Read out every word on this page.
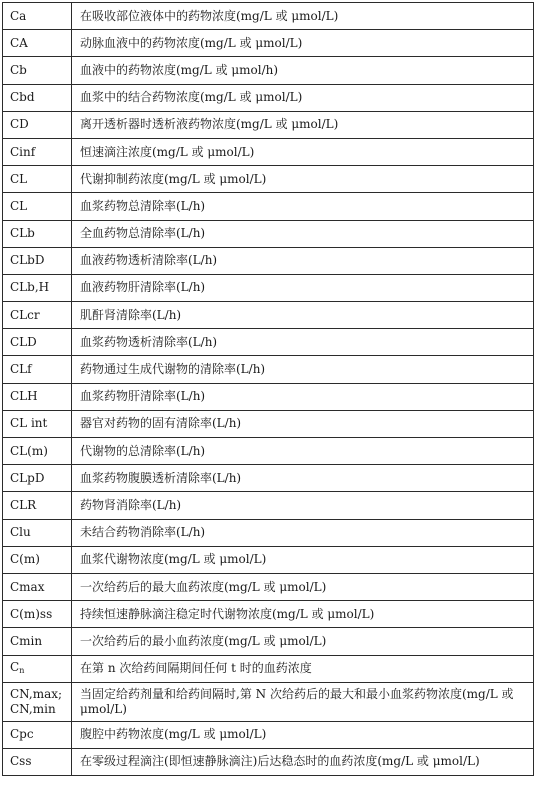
Ca	在吸收部位液体中的药物浓度(mg/L 或 μmol/L)
CA	动脉血液中的药物浓度(mg/L 或 μmol/L)
Cb	血液中的药物浓度(mg/L 或 μmol/h)
Cbd	血浆中的结合药物浓度(mg/L 或 μmol/L)
CD	离开透析器时透析液药物浓度(mg/L 或 μmol/L)
Cinf	恒速滴注浓度(mg/L 或 μmol/L)
CL	代谢抑制药浓度(mg/L 或 μmol/L)
CL	血浆药物总清除率(L/h)
CLb	全血药物总清除率(L/h)
CLbD	血液药物透析清除率(L/h)
CLb,H	血液药物肝清除率(L/h)
CLcr	肌酐肾清除率(L/h)
CLD	血浆药物透析清除率(L/h)
CLf	药物通过生成代谢物的清除率(L/h)
CLH	血浆药物肝清除率(L/h)
CL int	器官对药物的固有清除率(L/h)
CL(m)	代谢物的总清除率(L/h)
CLpD	血浆药物腹膜透析清除率(L/h)
CLR	药物肾消除率(L/h)
Clu	未结合药物消除率(L/h)
C(m)	血浆代谢物浓度(mg/L 或 μmol/L)
Cmax	一次给药后的最大血药浓度(mg/L 或 μmol/L)
C(m)ss	持续恒速静脉滴注稳定时代谢物浓度(mg/L 或 μmol/L)
Cmin	一次给药后的最小血药浓度(mg/L 或 μmol/L)
$C_n$	在第 n 次给药间隔期间任何 t 时的血药浓度

CN,max;
CN,min	当固定给药剂量和给药间隔时,第 N 次给药后的最大和最小血浆药物浓度(mg/L 或 μmol/L)
Cpc	腹腔中药物浓度(mg/L 或 μmol/L)
Css	在零级过程滴注(即恒速静脉滴注)后达稳态时的血药浓度(mg/L 或 μmol/L)
